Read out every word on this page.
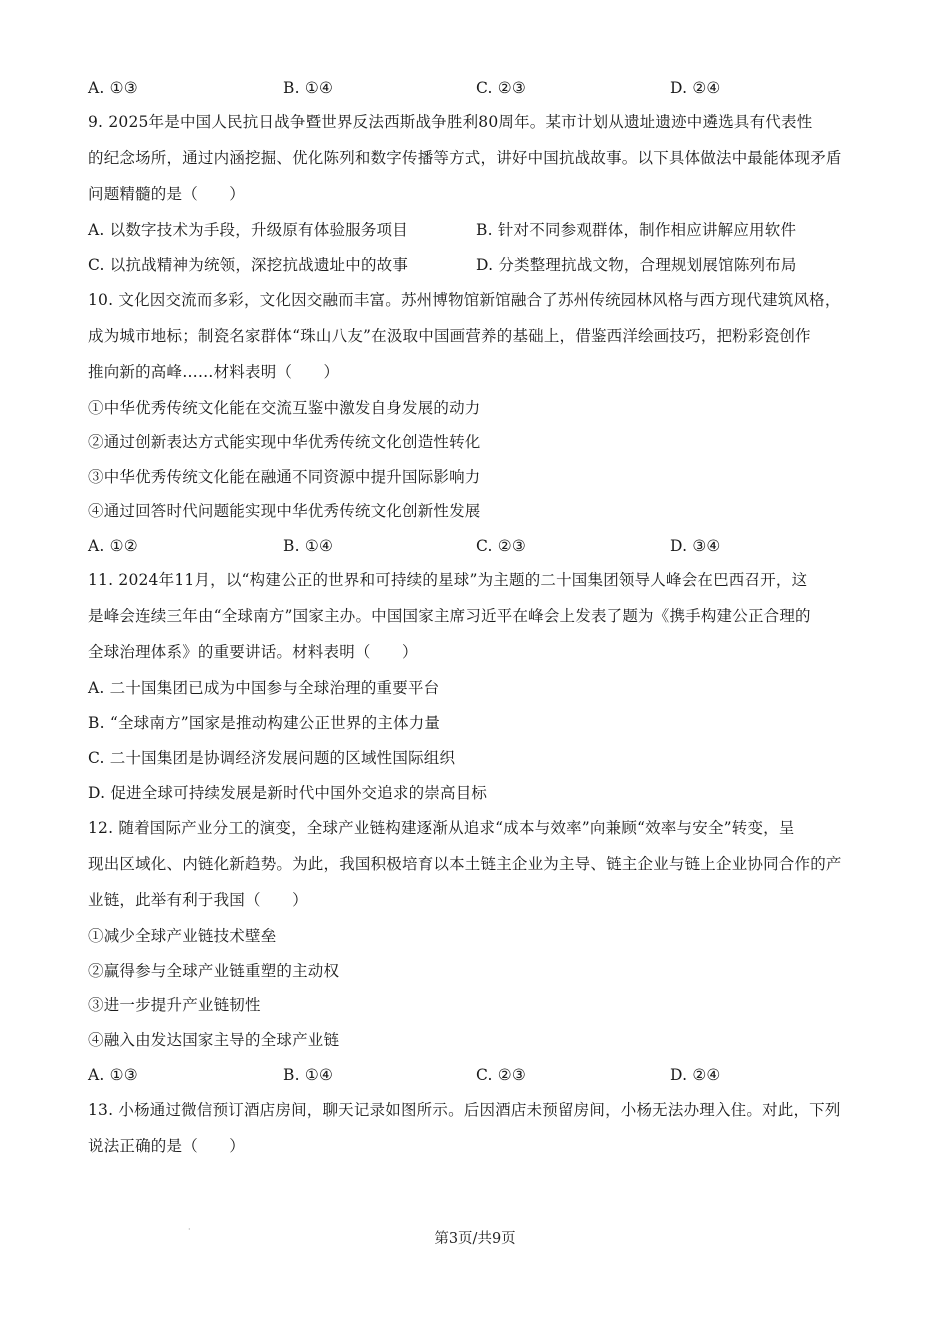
A. ①③	B. ①④	C. ②③	D. ②④
9. 2025年是中国人民抗日战争暨世界反法西斯战争胜利80周年。某市计划从遗址遗迹中遴选具有代表性
的纪念场所，通过内涵挖掘、优化陈列和数字传播等方式，讲好中国抗战故事。以下具体做法中最能体现矛盾
问题精髓的是（　　）
A. 以数字技术为手段，升级原有体验服务项目	B. 针对不同参观群体，制作相应讲解应用软件
C. 以抗战精神为统领，深挖抗战遗址中的故事	D. 分类整理抗战文物，合理规划展馆陈列布局
10. 文化因交流而多彩，文化因交融而丰富。苏州博物馆新馆融合了苏州传统园林风格与西方现代建筑风格，
成为城市地标；制瓷名家群体“珠山八友”在汲取中国画营养的基础上，借鉴西洋绘画技巧，把粉彩瓷创作
推向新的高峰……材料表明（　　）
①中华优秀传统文化能在交流互鉴中激发自身发展的动力
②通过创新表达方式能实现中华优秀传统文化创造性转化
③中华优秀传统文化能在融通不同资源中提升国际影响力
④通过回答时代问题能实现中华优秀传统文化创新性发展
A. ①②	B. ①④	C. ②③	D. ③④
11. 2024年11月，以“构建公正的世界和可持续的星球”为主题的二十国集团领导人峰会在巴西召开，这
是峰会连续三年由“全球南方”国家主办。中国国家主席习近平在峰会上发表了题为《携手构建公正合理的
全球治理体系》的重要讲话。材料表明（　　）
A. 二十国集团已成为中国参与全球治理的重要平台
B. “全球南方”国家是推动构建公正世界的主体力量
C. 二十国集团是协调经济发展问题的区域性国际组织
D. 促进全球可持续发展是新时代中国外交追求的崇高目标
12. 随着国际产业分工的演变，全球产业链构建逐渐从追求“成本与效率”向兼顾“效率与安全”转变，呈
现出区域化、内链化新趋势。为此，我国积极培育以本土链主企业为主导、链主企业与链上企业协同合作的产
业链，此举有利于我国（　　）
①减少全球产业链技术壁垒
②赢得参与全球产业链重塑的主动权
③进一步提升产业链韧性
④融入由发达国家主导的全球产业链
A. ①③	B. ①④	C. ②③	D. ②④
13. 小杨通过微信预订酒店房间，聊天记录如图所示。后因酒店未预留房间，小杨无法办理入住。对此，下列
说法正确的是（　　）
·
第3页/共9页
